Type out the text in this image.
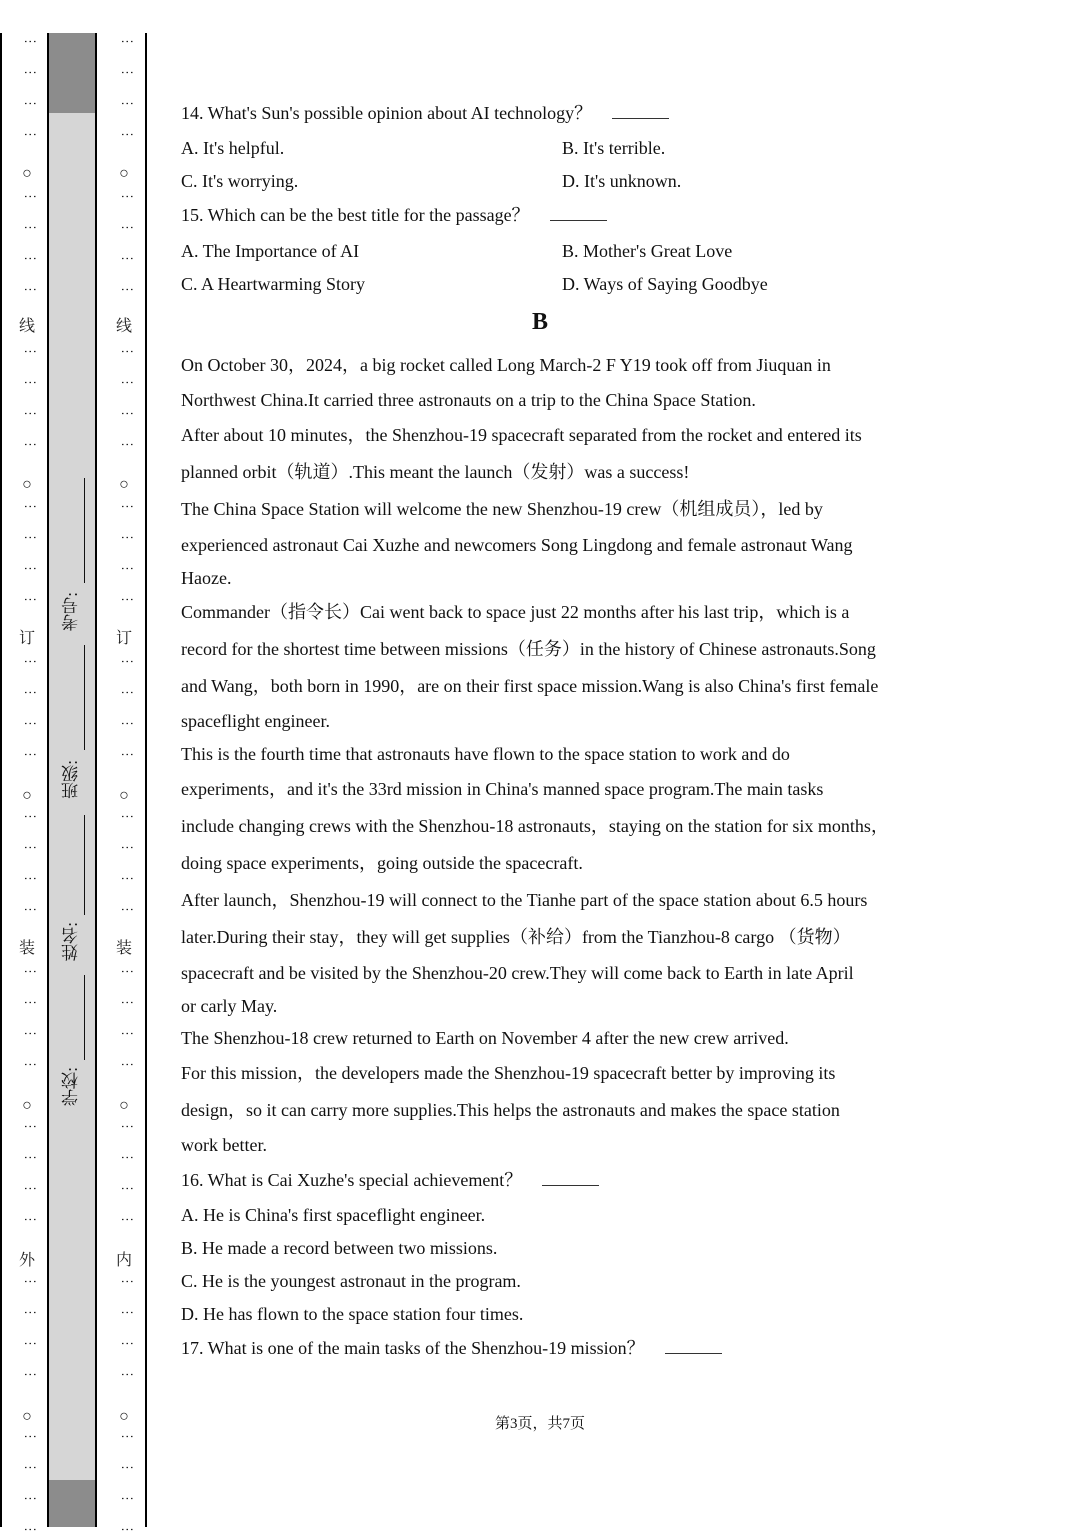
⋮
⋮
⋮
⋮
⋮
⋮
⋮
⋮
⋮
⋮
⋮
⋮
⋮
⋮
⋮
⋮
⋮
⋮
⋮
⋮
⋮
⋮
⋮
⋮
⋮
⋮
⋮
⋮
⋮
⋮
⋮
⋮
⋮
⋮
⋮
⋮
⋮
⋮
⋮
⋮
○
○
○
○
○
线
订
装
外
⋮
⋮
⋮
⋮
⋮
⋮
⋮
⋮
⋮
⋮
⋮
⋮
⋮
⋮
⋮
⋮
⋮
⋮
⋮
⋮
⋮
⋮
⋮
⋮
⋮
⋮
⋮
⋮
⋮
⋮
⋮
⋮
⋮
⋮
⋮
⋮
⋮
⋮
⋮
⋮
○
○
○
○
○
线
订
装
内
考号:
班级:
姓名:
学校:
14. What's Sun's possible opinion about AI technology？
A. It's helpful.	B. It's terrible.
C. It's worrying.	D. It's unknown.
15. Which can be the best title for the passage？
A. The Importance of AI	B. Mother's Great Love
C. A Heartwarming Story	D. Ways of Saying Goodbye
B
On October 30，2024，a big rocket called Long March-2 F Y19 took off from Jiuquan in
Northwest China.It carried three astronauts on a trip to the China Space Station.
After about 10 minutes，the Shenzhou-19 spacecraft separated from the rocket and entered its
planned orbit（轨道）.This meant the launch（发射）was a success!
The China Space Station will welcome the new Shenzhou-19 crew（机组成员），led by
experienced astronaut Cai Xuzhe and newcomers Song Lingdong and female astronaut Wang
Haoze.
Commander（指令长）Cai went back to space just 22 months after his last trip，which is a
record for the shortest time between missions（任务）in the history of Chinese astronauts.Song
and Wang，both born in 1990，are on their first space mission.Wang is also China's first female
spaceflight engineer.
This is the fourth time that astronauts have flown to the space station to work and do
experiments，and it's the 33rd mission in China's manned space program.The main tasks
include changing crews with the Shenzhou-18 astronauts，staying on the station for six months，
doing space experiments，going outside the spacecraft.
After launch，Shenzhou-19 will connect to the Tianhe part of the space station about 6.5 hours
later.During their stay，they will get supplies（补给）from the Tianzhou-8 cargo （货物）
spacecraft and be visited by the Shenzhou-20 crew.They will come back to Earth in late April
or carly May.
The Shenzhou-18 crew returned to Earth on November 4 after the new crew arrived.
For this mission，the developers made the Shenzhou-19 spacecraft better by improving its
design，so it can carry more supplies.This helps the astronauts and makes the space station
work better.
16. What is Cai Xuzhe's special achievement？
A. He is China's first spaceflight engineer.
B. He made a record between two missions.
C. He is the youngest astronaut in the program.
D. He has flown to the space station four times.
17. What is one of the main tasks of the Shenzhou-19 mission？
第3页，共7页
